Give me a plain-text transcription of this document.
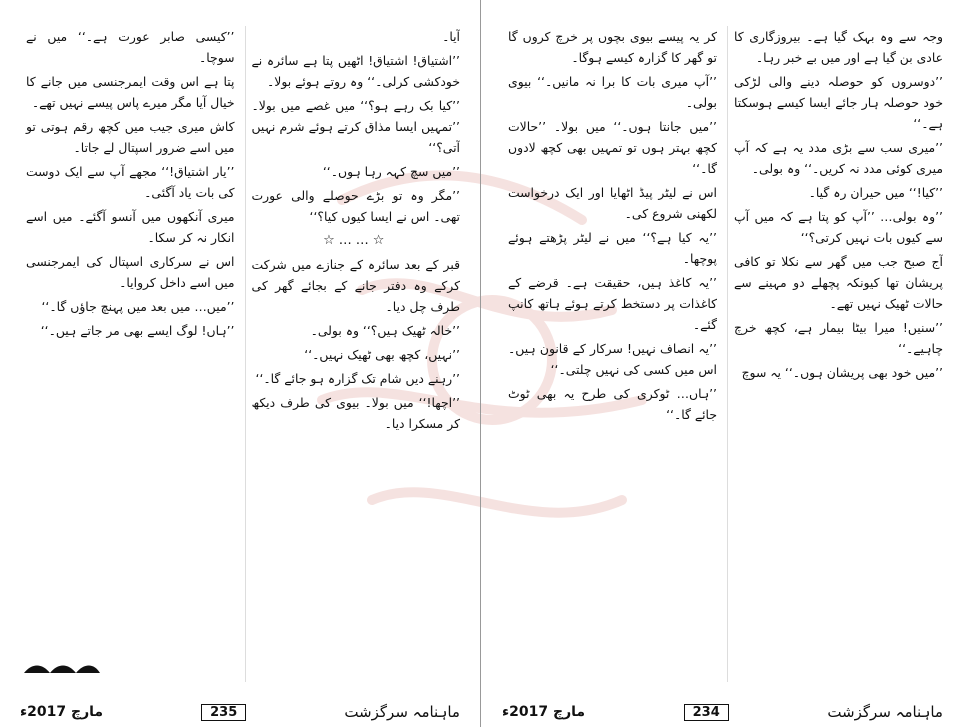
آیا۔

’’اشتیاق! اشتیاق! اٹھیں پتا ہے سائرہ نے خودکشی کرلی۔‘‘ وہ روتے ہوئے بولا۔

’’کیا بک رہے ہو؟‘‘ میں غصے میں بولا۔ ’’تمہیں ایسا مذاق کرتے ہوئے شرم نہیں آتی؟‘‘

’’میں سچ کہہ رہا ہوں۔‘‘

’’مگر وہ تو بڑے حوصلے والی عورت تھی۔ اس نے ایسا کیوں کیا؟‘‘

☆……☆

قبر کے بعد سائرہ کے جنازے میں شرکت کرکے وہ دفتر جانے کے بجائے گھر کی طرف چل دیا۔

’’خالہ ٹھیک ہیں؟‘‘ وہ بولی۔

’’نہیں، کچھ بھی ٹھیک نہیں۔‘‘

’’رہنے دیں شام تک گزارہ ہو جائے گا۔‘‘

’’اچھا!‘‘ میں بولا۔ بیوی کی طرف دیکھ کر مسکرا دیا۔

’’کیسی صابر عورت ہے۔‘‘ میں نے سوچا۔

پتا ہے اس وقت ایمرجنسی میں جانے کا خیال آیا مگر میرے پاس پیسے نہیں تھے۔

کاش میری جیب میں کچھ رقم ہوتی تو میں اسے ضرور اسپتال لے جاتا۔

’’یار اشتیاق!‘‘ مجھے آپ سے ایک دوست کی بات یاد آگئی۔

میری آنکھوں میں آنسو آگئے۔ میں اسے انکار نہ کر سکا۔

اس نے سرکاری اسپتال کی ایمرجنسی میں اسے داخل کروایا۔

’’میں… میں بعد میں پہنچ جاؤں گا۔‘‘

’’ہاں! لوگ ایسے بھی مر جاتے ہیں۔‘‘

مارچ 2017ء	235	ماہنامہ سرگزشت

وجہ سے وہ بہک گیا ہے۔ بیروزگاری کا عادی بن گیا ہے اور میں بے خبر رہا۔

’’دوسروں کو حوصلہ دینے والی لڑکی خود حوصلہ ہار جائے ایسا کیسے ہوسکتا ہے۔‘‘

’’میری سب سے بڑی مدد یہ ہے کہ آپ میری کوئی مدد نہ کریں۔‘‘ وہ بولی۔

’’کیا!‘‘ میں حیران رہ گیا۔

’’وہ بولی… ’’آپ کو پتا ہے کہ میں آپ سے کیوں بات نہیں کرتی؟‘‘

آج صبح جب میں گھر سے نکلا تو کافی پریشان تھا کیونکہ پچھلے دو مہینے سے حالات ٹھیک نہیں تھے۔

’’سنیں! میرا بیٹا بیمار ہے، کچھ خرچ چاہیے۔‘‘

’’میں خود بھی پریشان ہوں۔‘‘ یہ سوچ

کر یہ پیسے بیوی بچوں پر خرچ کروں گا تو گھر کا گزارہ کیسے ہوگا۔

’’آپ میری بات کا برا نہ مانیں۔‘‘ بیوی بولی۔

’’میں جانتا ہوں۔‘‘ میں بولا۔ ’’حالات کچھ بہتر ہوں تو تمہیں بھی کچھ لادوں گا۔‘‘

اس نے لیٹر پیڈ اٹھایا اور ایک درخواست لکھنی شروع کی۔

’’یہ کیا ہے؟‘‘ میں نے لیٹر پڑھتے ہوئے پوچھا۔

’’یہ کاغذ ہیں، حقیقت ہے۔ قرضے کے کاغذات پر دستخط کرتے ہوئے ہاتھ کانپ گئے۔

’’یہ انصاف نہیں! سرکار کے قانون ہیں۔ اس میں کسی کی نہیں چلتی۔‘‘

’’ہاں… ٹوکری کی طرح یہ بھی ٹوٹ جائے گا۔‘‘

مارچ 2017ء	234	ماہنامہ سرگزشت
